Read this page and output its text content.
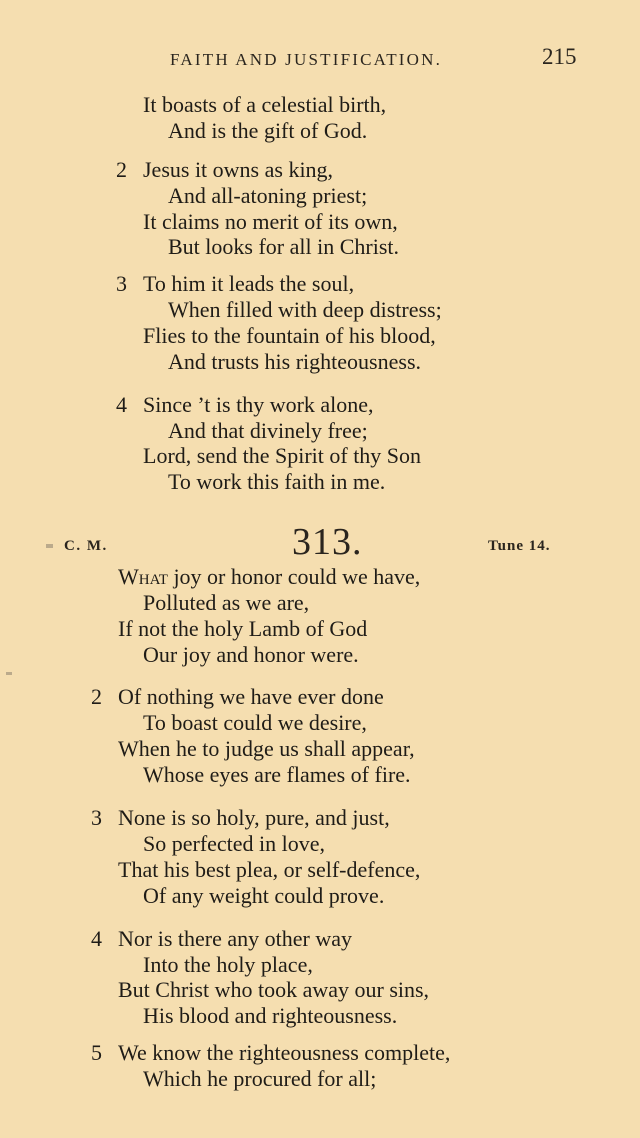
FAITH AND JUSTIFICATION.	215
It boasts of a celestial birth,
And is the gift of God.
2 Jesus it owns as king,
And all-atoning priest;
It claims no merit of its own,
But looks for all in Christ.
3 To him it leads the soul,
When filled with deep distress;
Flies to the fountain of his blood,
And trusts his righteousness.
4 Since ’t is thy work alone,
And that divinely free;
Lord, send the Spirit of thy Son
To work this faith in me.
C. M.	313.	Tune 14.
What joy or honor could we have,
Polluted as we are,
If not the holy Lamb of God
Our joy and honor were.
2 Of nothing we have ever done
To boast could we desire,
When he to judge us shall appear,
Whose eyes are flames of fire.
3 None is so holy, pure, and just,
So perfected in love,
That his best plea, or self-defence,
Of any weight could prove.
4 Nor is there any other way
Into the holy place,
But Christ who took away our sins,
His blood and righteousness.
5 We know the righteousness complete,
Which he procured for all;
